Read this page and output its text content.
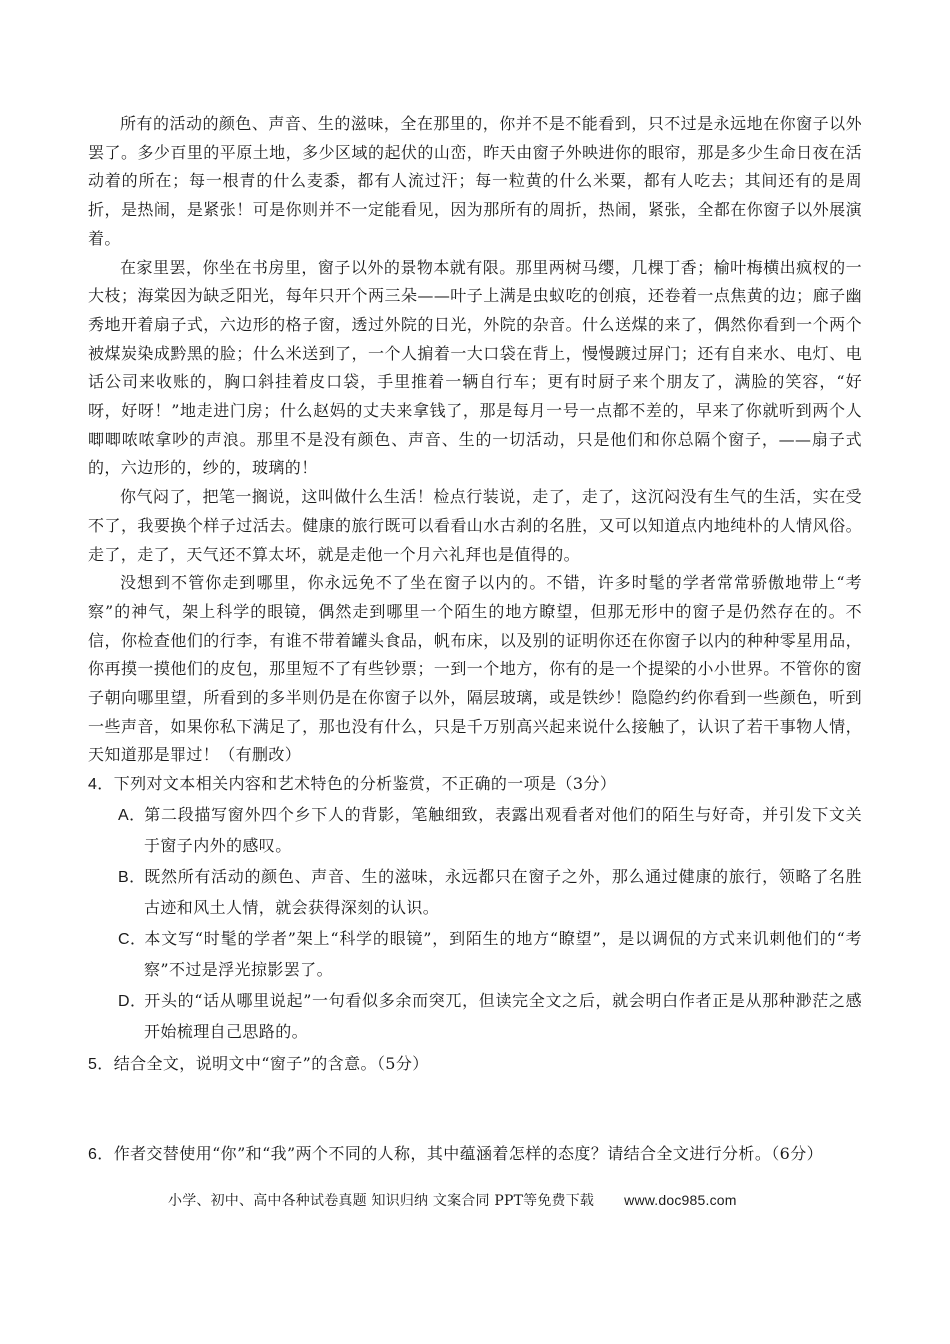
所有的活动的颜色、声音、生的滋味，全在那里的，你并不是不能看到，只不过是永远地在你窗子以外罢了。多少百里的平原土地，多少区域的起伏的山峦，昨天由窗子外映进你的眼帘，那是多少生命日夜在活动着的所在；每一根青的什么麦黍，都有人流过汗；每一粒黄的什么米粟，都有人吃去；其间还有的是周折，是热闹，是紧张！可是你则并不一定能看见，因为那所有的周折，热闹，紧张，全都在你窗子以外展演着。

在家里罢，你坐在书房里，窗子以外的景物本就有限。那里两树马缨，几棵丁香；榆叶梅横出疯杈的一大枝；海棠因为缺乏阳光，每年只开个两三朵——叶子上满是虫蚁吃的创痕，还卷着一点焦黄的边；廊子幽秀地开着扇子式，六边形的格子窗，透过外院的日光，外院的杂音。什么送煤的来了，偶然你看到一个两个被煤炭染成黔黑的脸；什么米送到了，一个人掮着一大口袋在背上，慢慢踱过屏门；还有自来水、电灯、电话公司来收账的，胸口斜挂着皮口袋，手里推着一辆自行车；更有时厨子来个朋友了，满脸的笑容，“好呀，好呀！”地走进门房；什么赵妈的丈夫来拿钱了，那是每月一号一点都不差的，早来了你就听到两个人唧唧哝哝拿吵的声浪。那里不是没有颜色、声音、生的一切活动，只是他们和你总隔个窗子，——扇子式的，六边形的，纱的，玻璃的！

你气闷了，把笔一搁说，这叫做什么生活！检点行装说，走了，走了，这沉闷没有生气的生活，实在受不了，我要换个样子过活去。健康的旅行既可以看看山水古刹的名胜，又可以知道点内地纯朴的人情风俗。走了，走了，天气还不算太坏，就是走他一个月六礼拜也是值得的。

没想到不管你走到哪里，你永远免不了坐在窗子以内的。不错，许多时髦的学者常常骄傲地带上“考察”的神气，架上科学的眼镜，偶然走到哪里一个陌生的地方瞭望，但那无形中的窗子是仍然存在的。不信，你检查他们的行李，有谁不带着罐头食品，帆布床，以及别的证明你还在你窗子以内的种种零星用品，你再摸一摸他们的皮包，那里短不了有些钞票；一到一个地方，你有的是一个提梁的小小世界。不管你的窗子朝向哪里望，所看到的多半则仍是在你窗子以外，隔层玻璃，或是铁纱！隐隐约约你看到一些颜色，听到一些声音，如果你私下满足了，那也没有什么，只是千万别高兴起来说什么接触了，认识了若干事物人情，天知道那是罪过！（有删改）

4．下列对文本相关内容和艺术特色的分析鉴赏，不正确的一项是（3分）

A．第二段描写窗外四个乡下人的背影，笔触细致，表露出观看者对他们的陌生与好奇，并引发下文关于窗子内外的感叹。
B．既然所有活动的颜色、声音、生的滋味，永远都只在窗子之外，那么通过健康的旅行，领略了名胜古迹和风土人情，就会获得深刻的认识。
C．本文写“时髦的学者”架上“科学的眼镜”，到陌生的地方“瞭望”，是以调侃的方式来讥刺他们的“考察”不过是浮光掠影罢了。
D．开头的“话从哪里说起”一句看似多余而突兀，但读完全文之后，就会明白作者正是从那种渺茫之感开始梳理自己思路的。

5．结合全文，说明文中“窗子”的含意。（5分）

6．作者交替使用“你”和“我”两个不同的人称，其中蕴涵着怎样的态度？请结合全文进行分析。（6分）

小学、初中、高中各种试卷真题 知识归纳 文案合同 PPT等免费下载 www.doc985.com
